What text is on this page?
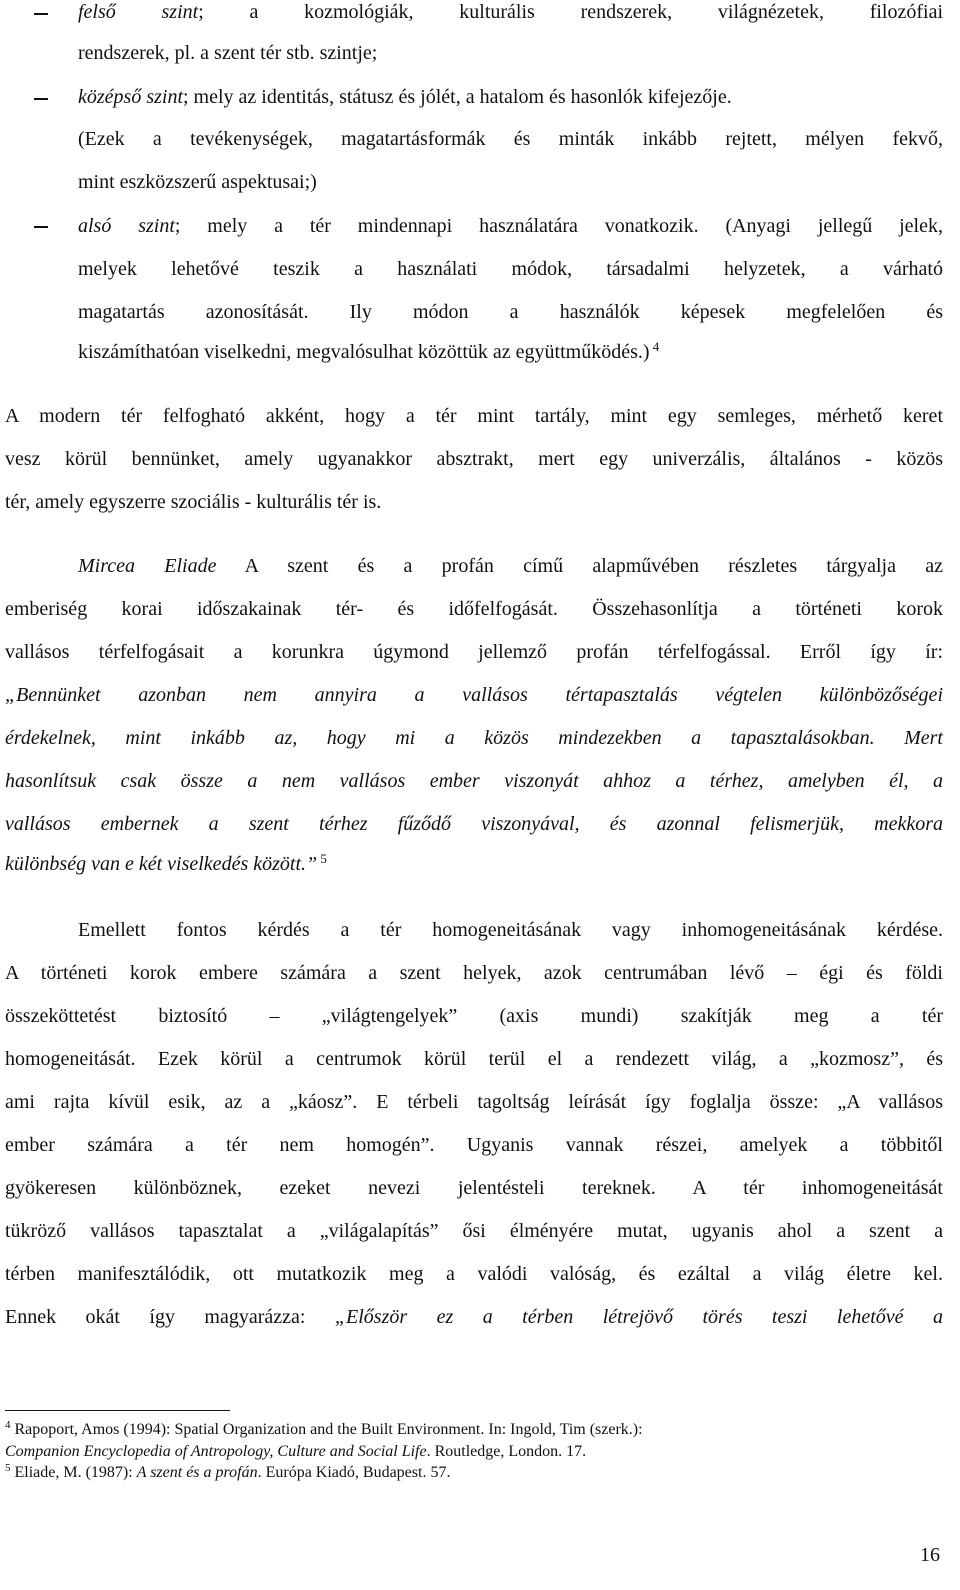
felső szint; a kozmológiák, kulturális rendszerek, világnézetek, filozófiai
rendszerek, pl. a szent tér stb. szintje;
középső szint; mely az identitás, státusz és jólét, a hatalom és hasonlók kifejezője.
(Ezek a tevékenységek, magatartásformák és minták inkább rejtett, mélyen fekvő,
mint eszközszerű aspektusai;)
alsó szint; mely a tér mindennapi használatára vonatkozik. (Anyagi jellegű jelek,
melyek lehetővé teszik a használati módok, társadalmi helyzetek, a várható
magatartás azonosítását. Ily módon a használók képesek megfelelően és
kiszámíthatóan viselkedni, megvalósulhat közöttük az együttműködés.) $^4$
A modern tér felfogható akként, hogy a tér mint tartály, mint egy semleges, mérhető keret
vesz körül bennünket, amely ugyanakkor absztrakt, mert egy univerzális, általános - közös
tér, amely egyszerre szociális - kulturális tér is.
Mircea Eliade A szent és a profán című alapművében részletes tárgyalja az
emberiség korai időszakainak tér- és időfelfogását. Összehasonlítja a történeti korok
vallásos térfelfogásait a korunkra úgymond jellemző profán térfelfogással. Erről így ír:
„Bennünket azonban nem annyira a vallásos tértapasztalás végtelen különbözőségei
érdekelnek, mint inkább az, hogy mi a közös mindezekben a tapasztalásokban. Mert
hasonlítsuk csak össze a nem vallásos ember viszonyát ahhoz a térhez, amelyben él, a
vallásos embernek a szent térhez fűződő viszonyával, és azonnal felismerjük, mekkora
különbség van e két viselkedés között.” $^5$
Emellett fontos kérdés a tér homogeneitásának vagy inhomogeneitásának kérdése.
A történeti korok embere számára a szent helyek, azok centrumában lévő – égi és földi
összeköttetést biztosító – „világtengelyek” (axis mundi) szakítják meg a tér
homogeneitását. Ezek körül a centrumok körül terül el a rendezett világ, a „kozmosz”, és
ami rajta kívül esik, az a „káosz”. E térbeli tagoltság leírását így foglalja össze: „A vallásos
ember számára a tér nem homogén”. Ugyanis vannak részei, amelyek a többitől
gyökeresen különböznek, ezeket nevezi jelentésteli tereknek. A tér inhomogeneitását
tükröző vallásos tapasztalat a „világalapítás” ősi élményére mutat, ugyanis ahol a szent a
térben manifesztálódik, ott mutatkozik meg a valódi valóság, és ezáltal a világ életre kel.
Ennek okát így magyarázza: „Először ez a térben létrejövő törés teszi lehetővé a
$^4$ Rapoport, Amos (1994): Spatial Organization and the Built Environment. In: Ingold, Tim (szerk.):
Companion Encyclopedia of Antropology, Culture and Social Life. Routledge, London. 17.
$^5$ Eliade, M. (1987): A szent és a profán. Európa Kiadó, Budapest. 57.
16
